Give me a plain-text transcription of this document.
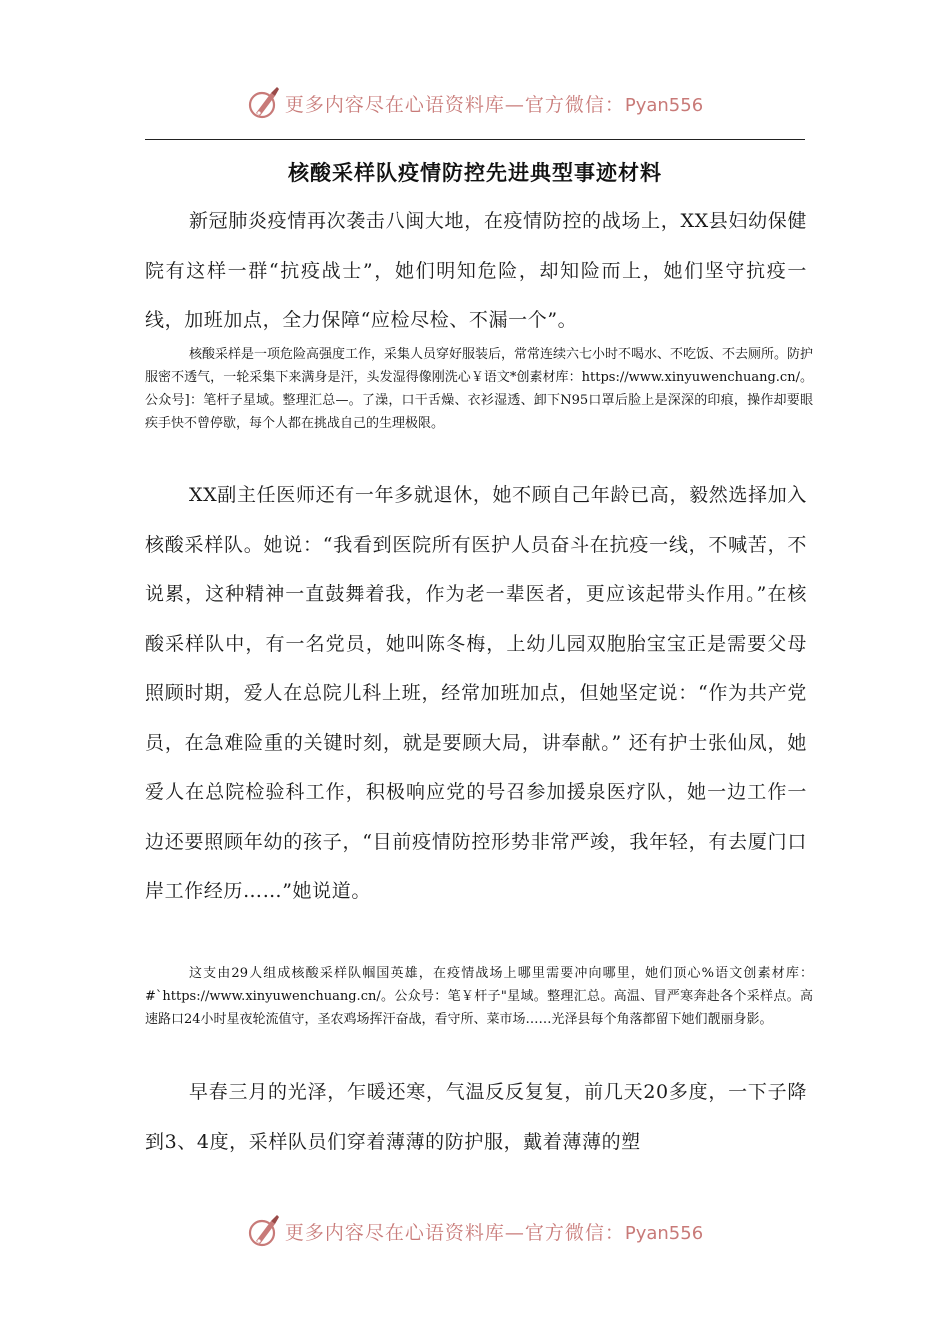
更多内容尽在心语资料库—官方微信：Pyan556
核酸采样队疫情防控先进典型事迹材料

新冠肺炎疫情再次袭击八闽大地，在疫情防控的战场上，XX县妇幼保健院有这样一群“抗疫战士”，她们明知危险，却知险而上，她们坚守抗疫一线，加班加点，全力保障“应检尽检、不漏一个”。

核酸采样是一项危险高强度工作，采集人员穿好服装后，常常连续六七小时不喝水、不吃饭、不去厕所。防护服密不透气，一轮采集下来满身是汗，头发湿得像刚洗心￥语文*创素材库：https://www.xinyuwenchuang.cn/。公众号]：笔杆子星域。整理汇总—。了澡，口干舌燥、衣衫湿透、卸下N95口罩后脸上是深深的印痕，操作却要眼疾手快不曾停歇，每个人都在挑战自己的生理极限。

XX副主任医师还有一年多就退休，她不顾自己年龄已高，毅然选择加入核酸采样队。她说：“我看到医院所有医护人员奋斗在抗疫一线，不喊苦，不说累，这种精神一直鼓舞着我，作为老一辈医者，更应该起带头作用。”在核酸采样队中，有一名党员，她叫陈冬梅，上幼儿园双胞胎宝宝正是需要父母照顾时期，爱人在总院儿科上班，经常加班加点，但她坚定说：“作为共产党员，在急难险重的关键时刻，就是要顾大局，讲奉献。” 还有护士张仙凤，她爱人在总院检验科工作，积极响应党的号召参加援泉医疗队，她一边工作一边还要照顾年幼的孩子，“目前疫情防控形势非常严竣，我年轻，有去厦门口岸工作经历……”她说道。

这支由29人组成核酸采样队帼国英雄，在疫情战场上哪里需要冲向哪里，她们顶心%语文创素材库：#`https://www.xinyuwenchuang.cn/。公众号：笔￥杆子"星域。整理汇总。高温、冒严寒奔赴各个采样点。高速路口24小时星夜轮流值守，圣农鸡场挥汗奋战，看守所、菜市场……光泽县每个角落都留下她们靓丽身影。

早春三月的光泽，乍暖还寒，气温反反复复，前几天20多度，一下子降到3、4度，采样队员们穿着薄薄的防护服，戴着薄薄的塑

更多内容尽在心语资料库—官方微信：Pyan556
